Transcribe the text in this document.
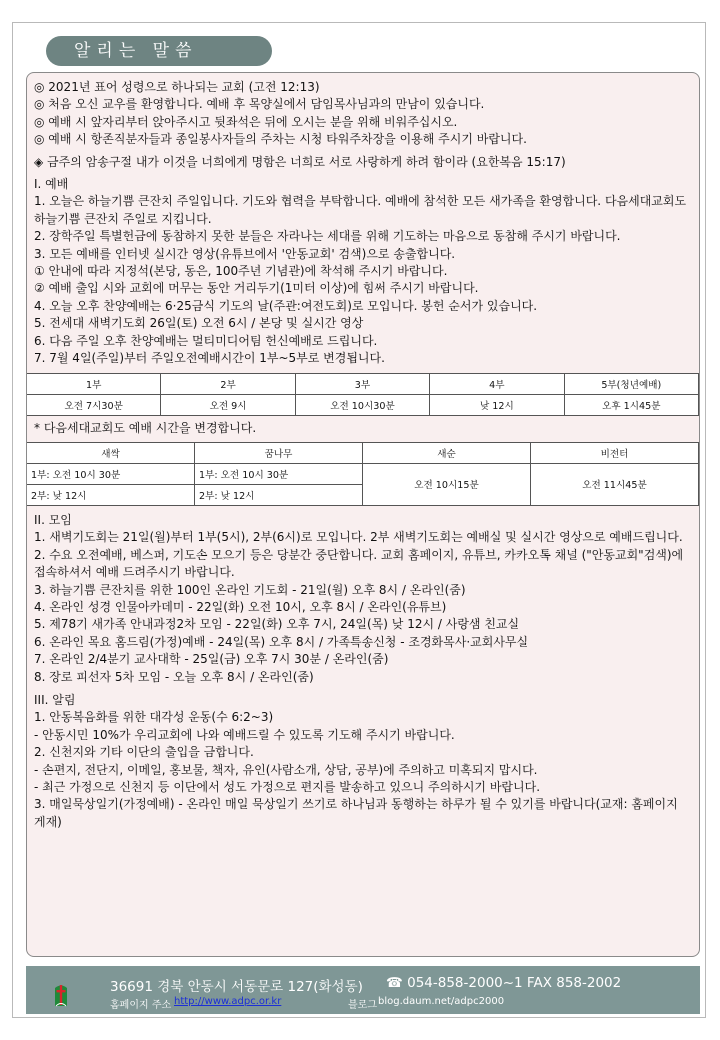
알리는 말씀
◎ 2021년 표어 성령으로 하나되는 교회 (고전 12:13)
◎ 처음 오신 교우를 환영합니다. 예배 후 목양실에서 담임목사님과의 만남이 있습니다.
◎ 예배 시 앞자리부터 앉아주시고 뒷좌석은 뒤에 오시는 분을 위해 비워주십시오.
◎ 예배 시 항존직분자들과 종일봉사자들의 주차는 시청 타워주차장을 이용해 주시기 바랍니다.
◈ 금주의 암송구절 내가 이것을 너희에게 명함은 너희로 서로 사랑하게 하려 함이라 (요한복음 15:17)
I. 예배
1. 오늘은 하늘기쁨 큰잔치 주일입니다. 기도와 협력을 부탁합니다. 예배에 참석한 모든 새가족을 환영합니다. 다음세대교회도 하늘기쁨 큰잔치 주일로 지킵니다.
2. 장학주일 특별헌금에 동참하지 못한 분들은 자라나는 세대를 위해 기도하는 마음으로 동참해 주시기 바랍니다.
3. 모든 예배를 인터넷 실시간 영상(유튜브에서 '안동교회' 검색)으로 송출합니다.
① 안내에 따라 지정석(본당, 동은, 100주년 기념관)에 착석해 주시기 바랍니다.
② 예배 출입 시와 교회에 머무는 동안 거리두기(1미터 이상)에 힘써 주시기 바랍니다.
4. 오늘 오후 찬양예배는 6·25금식 기도의 날(주관:여전도회)로 모입니다. 봉헌 순서가 있습니다.
5. 전세대 새벽기도회 26일(토) 오전 6시 / 본당 및 실시간 영상
6. 다음 주일 오후 찬양예배는 멀티미디어팀 헌신예배로 드립니다.
7. 7월 4일(주일)부터 주일오전예배시간이 1부~5부로 변경됩니다.
1부	2부	3부	4부	5부(청년예배)
오전 7시30분	오전 9시	오전 10시30분	낮 12시	오후 1시45분
* 다음세대교회도 예배 시간을 변경합니다.
새싹	꿈나무	새순	비전터
1부: 오전 10시 30분	1부: 오전 10시 30분	오전 10시15분	오전 11시45분
2부: 낮 12시	2부: 낮 12시		
II. 모임
1. 새벽기도회는 21일(월)부터 1부(5시), 2부(6시)로 모입니다. 2부 새벽기도회는 예배실 및 실시간 영상으로 예배드립니다.
2. 수요 오전예배, 베스퍼, 기도손 모으기 등은 당분간 중단합니다. 교회 홈페이지, 유튜브, 카카오톡 채널 ("안동교회"검색)에 접속하셔서 예배 드려주시기 바랍니다.
3. 하늘기쁨 큰잔치를 위한 100인 온라인 기도회 - 21일(월) 오후 8시 / 온라인(줌)
4. 온라인 성경 인물아카데미 - 22일(화) 오전 10시, 오후 8시 / 온라인(유튜브)
5. 제78기 새가족 안내과정2차 모임 - 22일(화) 오후 7시, 24일(목) 낮 12시 / 사랑샘 친교실
6. 온라인 목요 홈드림(가정)예배 - 24일(목) 오후 8시 / 가족특송신청 - 조경화목사·교회사무실
7. 온라인 2/4분기 교사대학 - 25일(금) 오후 7시 30분 / 온라인(줌)
8. 장로 피선자 5차 모임 - 오늘 오후 8시 / 온라인(줌)
III. 알림
1. 안동복음화를 위한 대각성 운동(수 6:2~3)
- 안동시민 10%가 우리교회에 나와 예배드릴 수 있도록 기도해 주시기 바랍니다.
2. 신천지와 기타 이단의 출입을 금합니다.
- 손편지, 전단지, 이메일, 홍보물, 책자, 유인(사람소개, 상담, 공부)에 주의하고 미혹되지 맙시다.
- 최근 가정으로 신천지 등 이단에서 성도 가정으로 편지를 발송하고 있으니 주의하시기 바랍니다.
3. 매일묵상일기(가정예배) - 온라인 매일 묵상일기 쓰기로 하나님과 동행하는 하루가 될 수 있기를 바랍니다(교재: 홈페이지 게재)
36691 경북 안동시 서동문로 127(화성동) ☎ 054-858-2000~1 FAX 858-2002
홈페이지 주소 http://www.adpc.or.kr	블로그 blog.daum.net/adpc2000
